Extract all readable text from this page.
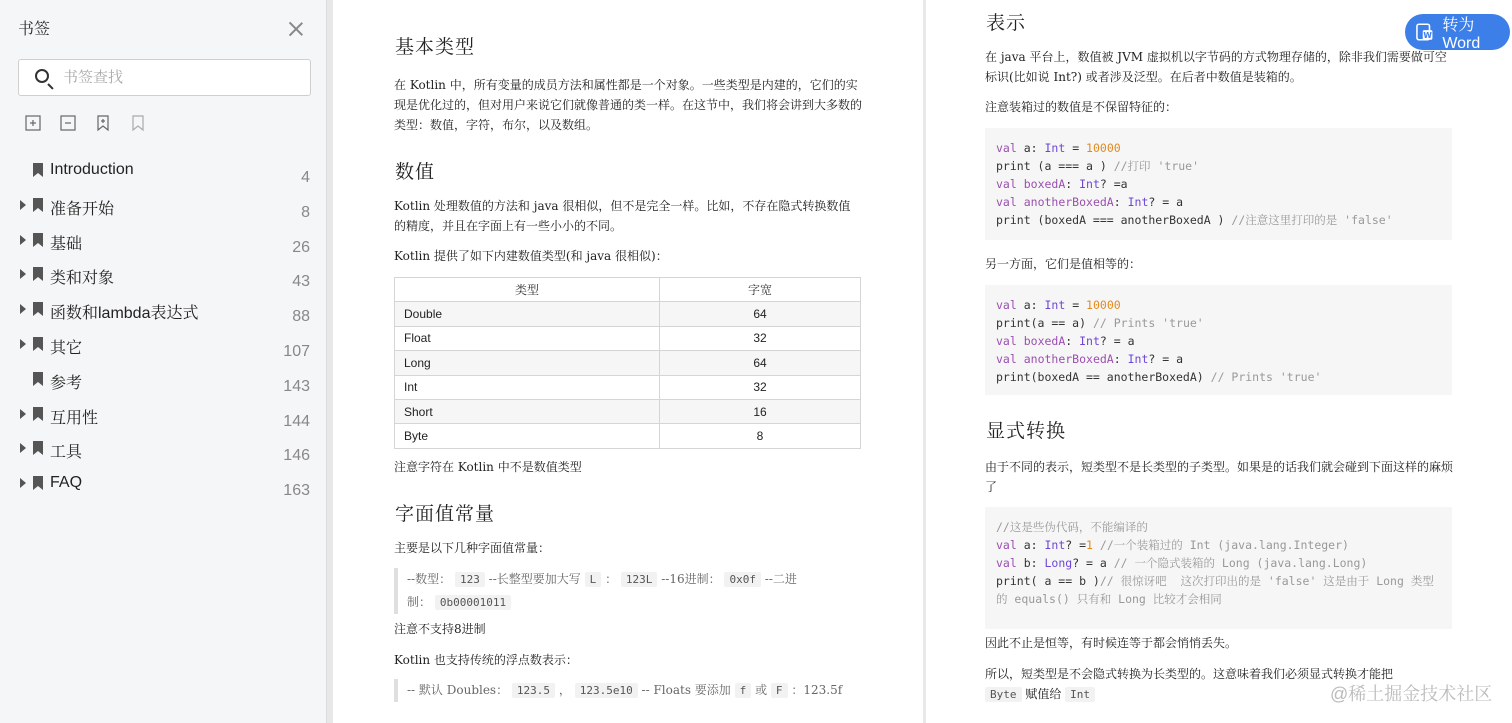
书签
书签查找
Introduction	4
准备开始	8
基础	26
类和对象	43
函数和lambda表达式	88
其它	107
参考	143
互用性	144
工具	146
FAQ	163
基本类型
在 Kotlin 中，所有变量的成员方法和属性都是一个对象。一些类型是内建的，它们的实现是优化过的，但对用户来说它们就像普通的类一样。在这节中，我们将会讲到大多数的类型：数值，字符，布尔，以及数组。
数值
Kotlin 处理数值的方法和 java 很相似，但不是完全一样。比如，不存在隐式转换数值的精度，并且在字面上有一些小小的不同。
Kotlin 提供了如下内建数值类型(和 java 很相似)：
类型	字宽
Double	64
Float	32
Long	64
Int	32
Short	16
Byte	8
注意字符在 Kotlin 中不是数值类型
字面值常量
主要是以下几种字面值常量：
--数型： 123 --长整型要加大写 L ： 123L --16进制： 0x0f --二进制： 0b00001011
注意不支持8进制
Kotlin 也支持传统的浮点数表示：
-- 默认 Doubles： 123.5 ， 123.5e10 -- Floats 要添加 f 或 F ：123.5f
表示
在 java 平台上，数值被 JVM 虚拟机以字节码的方式物理存储的，除非我们需要做可空标识(比如说 Int?) 或者涉及泛型。在后者中数值是装箱的。
注意装箱过的数值是不保留特征的：
val a: Int = 10000
print (a === a ) //打印 'true'
val boxedA: Int? =a
val anotherBoxedA: Int? = a
print (boxedA === anotherBoxedA ) //注意这里打印的是 'false'
另一方面，它们是值相等的：
val a: Int = 10000
print(a == a) // Prints 'true'
val boxedA: Int? = a
val anotherBoxedA: Int? = a
print(boxedA == anotherBoxedA) // Prints 'true'
显式转换
由于不同的表示，短类型不是长类型的子类型。如果是的话我们就会碰到下面这样的麻烦了
//这是些伪代码，不能编译的
val a: Int? =1 //一个装箱过的 Int (java.lang.Integer)
val b: Long? = a // 一个隐式装箱的 Long (java.lang.Long)
print( a == b )// 很惊讶吧  这次打印出的是 'false' 这是由于 Long 类型
的 equals() 只有和 Long 比较才会相同
因此不止是恒等，有时候连等于都会悄悄丢失。
所以，短类型是不会隐式转换为长类型的。这意味着我们必须显式转换才能把
Byte 赋值给 Int
W
转为Word
@稀土掘金技术社区
